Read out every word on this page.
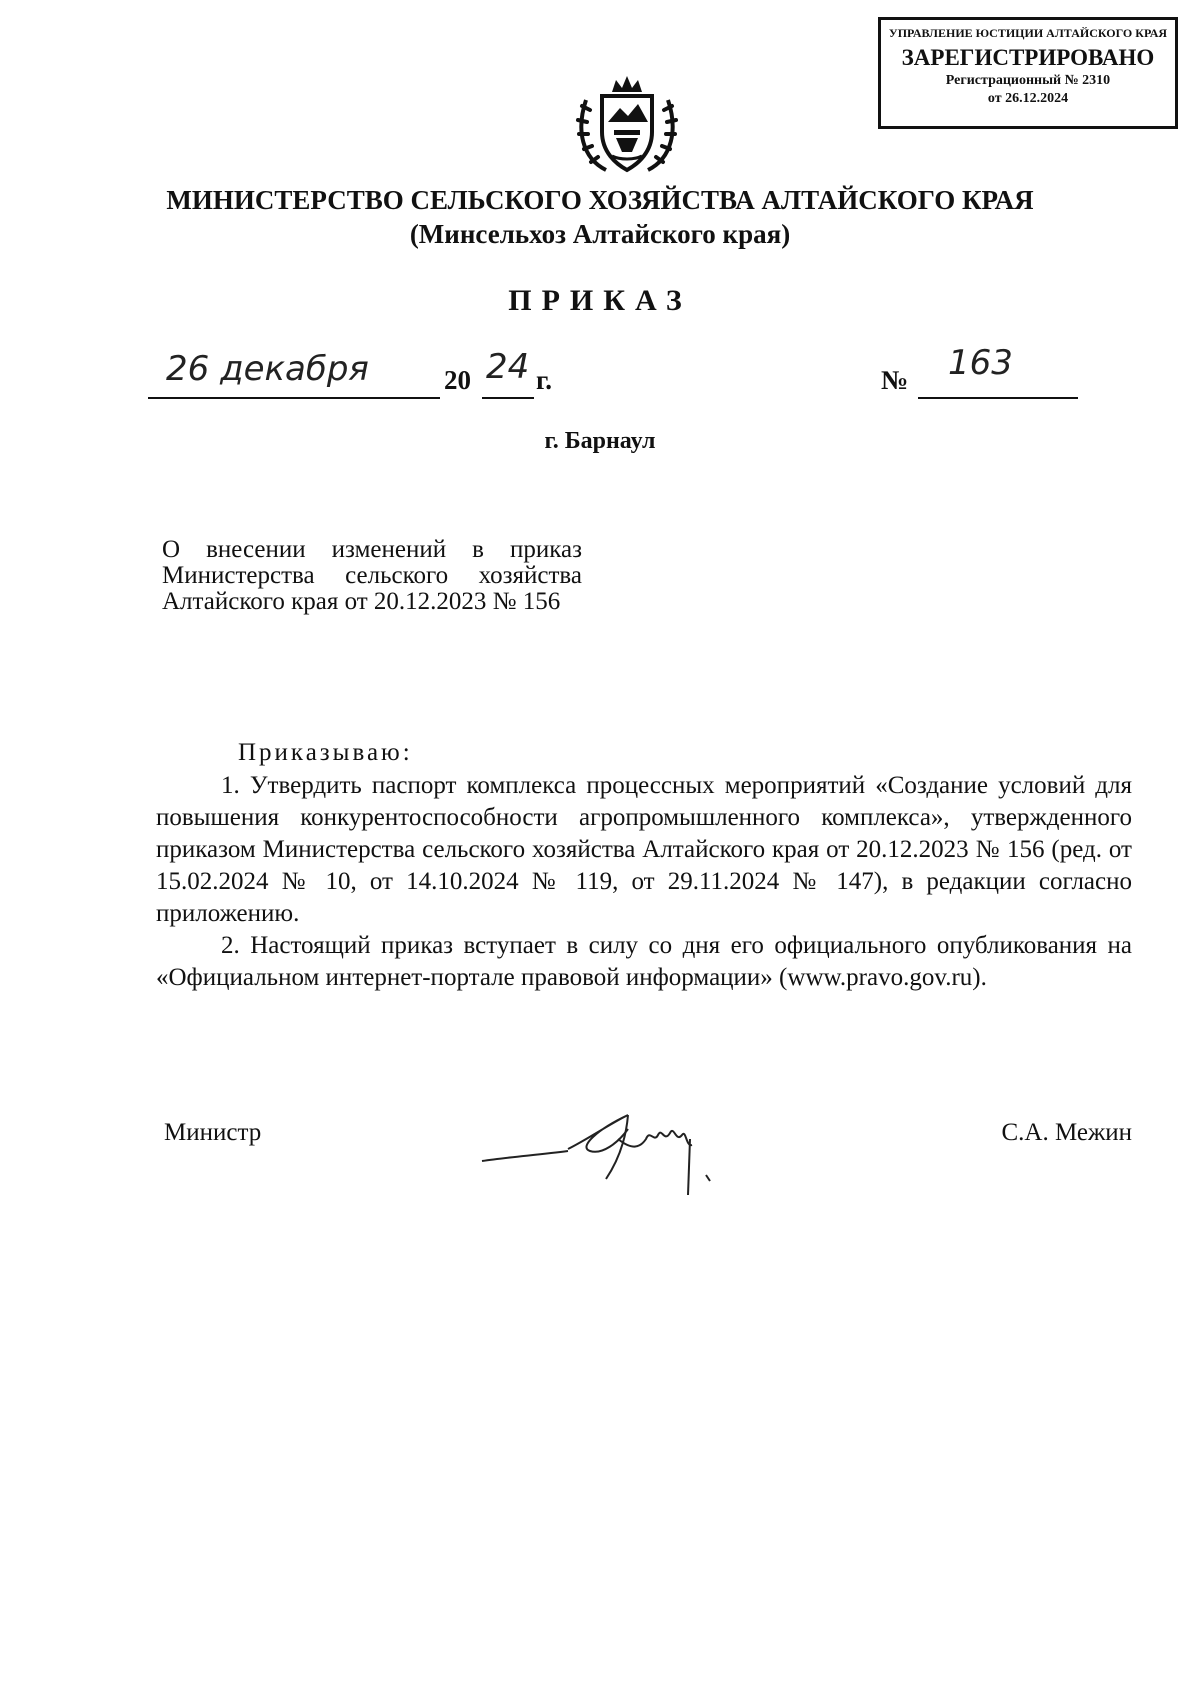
УПРАВЛЕНИЕ ЮСТИЦИИ АЛТАЙСКОГО КРАЯ
ЗАРЕГИСТРИРОВАНО
Регистрационный № 2310
от 26.12.2024
МИНИСТЕРСТВО СЕЛЬСКОГО ХОЗЯЙСТВА АЛТАЙСКОГО КРАЯ
(Минсельхоз Алтайского края)
ПРИКАЗ
26 декабря	20 24 г.	№ 163
г. Барнаул
О внесении изменений в приказ Министерства сельского хозяйства Алтайского края от 20.12.2023 № 156

Приказываю:

1. Утвердить паспорт комплекса процессных мероприятий «Создание условий для повышения конкурентоспособности агропромышленного комплекса», утвержденного приказом Министерства сельского хозяйства Алтайского края от 20.12.2023 № 156 (ред. от 15.02.2024 № 10, от 14.10.2024 № 119, от 29.11.2024 № 147), в редакции согласно приложению.

2. Настоящий приказ вступает в силу со дня его официального опубликования на «Официальном интернет-портале правовой информации» (www.pravo.gov.ru).

Министр	С.А. Межин
